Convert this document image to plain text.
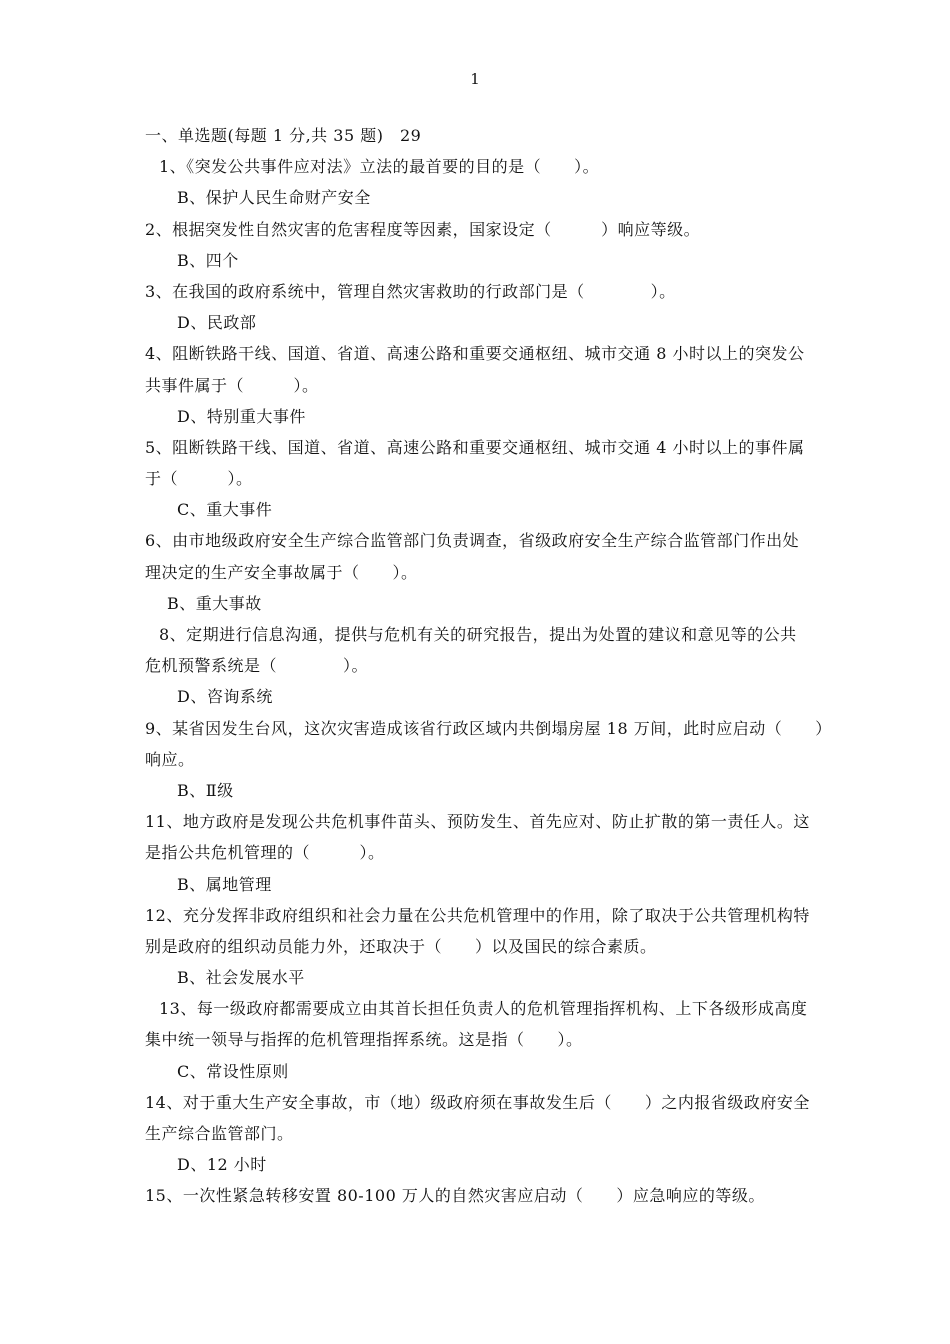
1
一、单选题(每题 1 分,共 35 题)　29
1、《突发公共事件应对法》立法的最首要的目的是（　　）。
B、保护人民生命财产安全
2、根据突发性自然灾害的危害程度等因素，国家设定（　　　）响应等级。
B、四个
3、在我国的政府系统中，管理自然灾害救助的行政部门是（　　　　）。
D、民政部
4、阻断铁路干线、国道、省道、高速公路和重要交通枢纽、城市交通 8 小时以上的突发公
共事件属于（　　　）。
D、特别重大事件
5、阻断铁路干线、国道、省道、高速公路和重要交通枢纽、城市交通 4 小时以上的事件属
于（　　　）。
C、重大事件
6、由市地级政府安全生产综合监管部门负责调查，省级政府安全生产综合监管部门作出处
理决定的生产安全事故属于（　　）。
B、重大事故
8、定期进行信息沟通，提供与危机有关的研究报告，提出为处置的建议和意见等的公共
危机预警系统是（　　　　）。
D、咨询系统
9、某省因发生台风，这次灾害造成该省行政区域内共倒塌房屋 18 万间，此时应启动（　　）
响应。
B、Ⅱ级
11、地方政府是发现公共危机事件苗头、预防发生、首先应对、防止扩散的第一责任人。这
是指公共危机管理的（　　　）。
B、属地管理
12、充分发挥非政府组织和社会力量在公共危机管理中的作用，除了取决于公共管理机构特
别是政府的组织动员能力外，还取决于（　　）以及国民的综合素质。
B、社会发展水平
13、每一级政府都需要成立由其首长担任负责人的危机管理指挥机构、上下各级形成高度
集中统一领导与指挥的危机管理指挥系统。这是指（　　）。
C、常设性原则
14、对于重大生产安全事故，市（地）级政府须在事故发生后（　　）之内报省级政府安全
生产综合监管部门。
D、12 小时
15、一次性紧急转移安置 80-100 万人的自然灾害应启动（　　）应急响应的等级。
